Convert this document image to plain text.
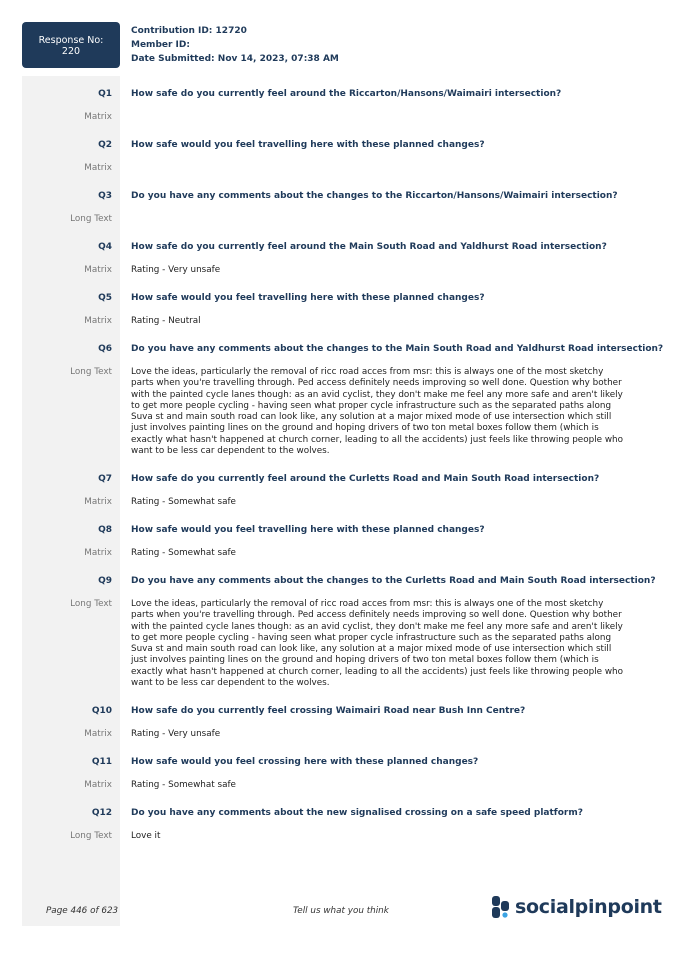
Response No:
220
Contribution ID: 12720
Member ID:
Date Submitted: Nov 14, 2023, 07:38 AM
Q1 How safe do you currently feel around the Riccarton/Hansons/Waimairi intersection?
Matrix
Q2 How safe would you feel travelling here with these planned changes?
Matrix
Q3 Do you have any comments about the changes to the Riccarton/Hansons/Waimairi intersection?
Long Text
Q4 How safe do you currently feel around the Main South Road and Yaldhurst Road intersection?
Matrix Rating - Very unsafe
Q5 How safe would you feel travelling here with these planned changes?
Matrix Rating - Neutral
Q6 Do you have any comments about the changes to the Main South Road and Yaldhurst Road intersection?
Long Text Love the ideas, particularly the removal of ricc road acces from msr: this is always one of the most sketchy parts when you're travelling through. Ped access definitely needs improving so well done. Question why bother with the painted cycle lanes though: as an avid cyclist, they don't make me feel any more safe and aren't likely to get more people cycling - having seen what proper cycle infrastructure such as the separated paths along Suva st and main south road can look like, any solution at a major mixed mode of use intersection which still just involves painting lines on the ground and hoping drivers of two ton metal boxes follow them (which is exactly what hasn't happened at church corner, leading to all the accidents) just feels like throwing people who want to be less car dependent to the wolves.
Q7 How safe do you currently feel around the Curletts Road and Main South Road intersection?
Matrix Rating - Somewhat safe
Q8 How safe would you feel travelling here with these planned changes?
Matrix Rating - Somewhat safe
Q9 Do you have any comments about the changes to the Curletts Road and Main South Road intersection?
Long Text Love the ideas, particularly the removal of ricc road acces from msr: this is always one of the most sketchy parts when you're travelling through. Ped access definitely needs improving so well done. Question why bother with the painted cycle lanes though: as an avid cyclist, they don't make me feel any more safe and aren't likely to get more people cycling - having seen what proper cycle infrastructure such as the separated paths along Suva st and main south road can look like, any solution at a major mixed mode of use intersection which still just involves painting lines on the ground and hoping drivers of two ton metal boxes follow them (which is exactly what hasn't happened at church corner, leading to all the accidents) just feels like throwing people who want to be less car dependent to the wolves.
Q10 How safe do you currently feel crossing Waimairi Road near Bush Inn Centre?
Matrix Rating - Very unsafe
Q11 How safe would you feel crossing here with these planned changes?
Matrix Rating - Somewhat safe
Q12 Do you have any comments about the new signalised crossing on a safe speed platform?
Long Text Love it
Page 446 of 623	Tell us what you think	socialpinpoint
